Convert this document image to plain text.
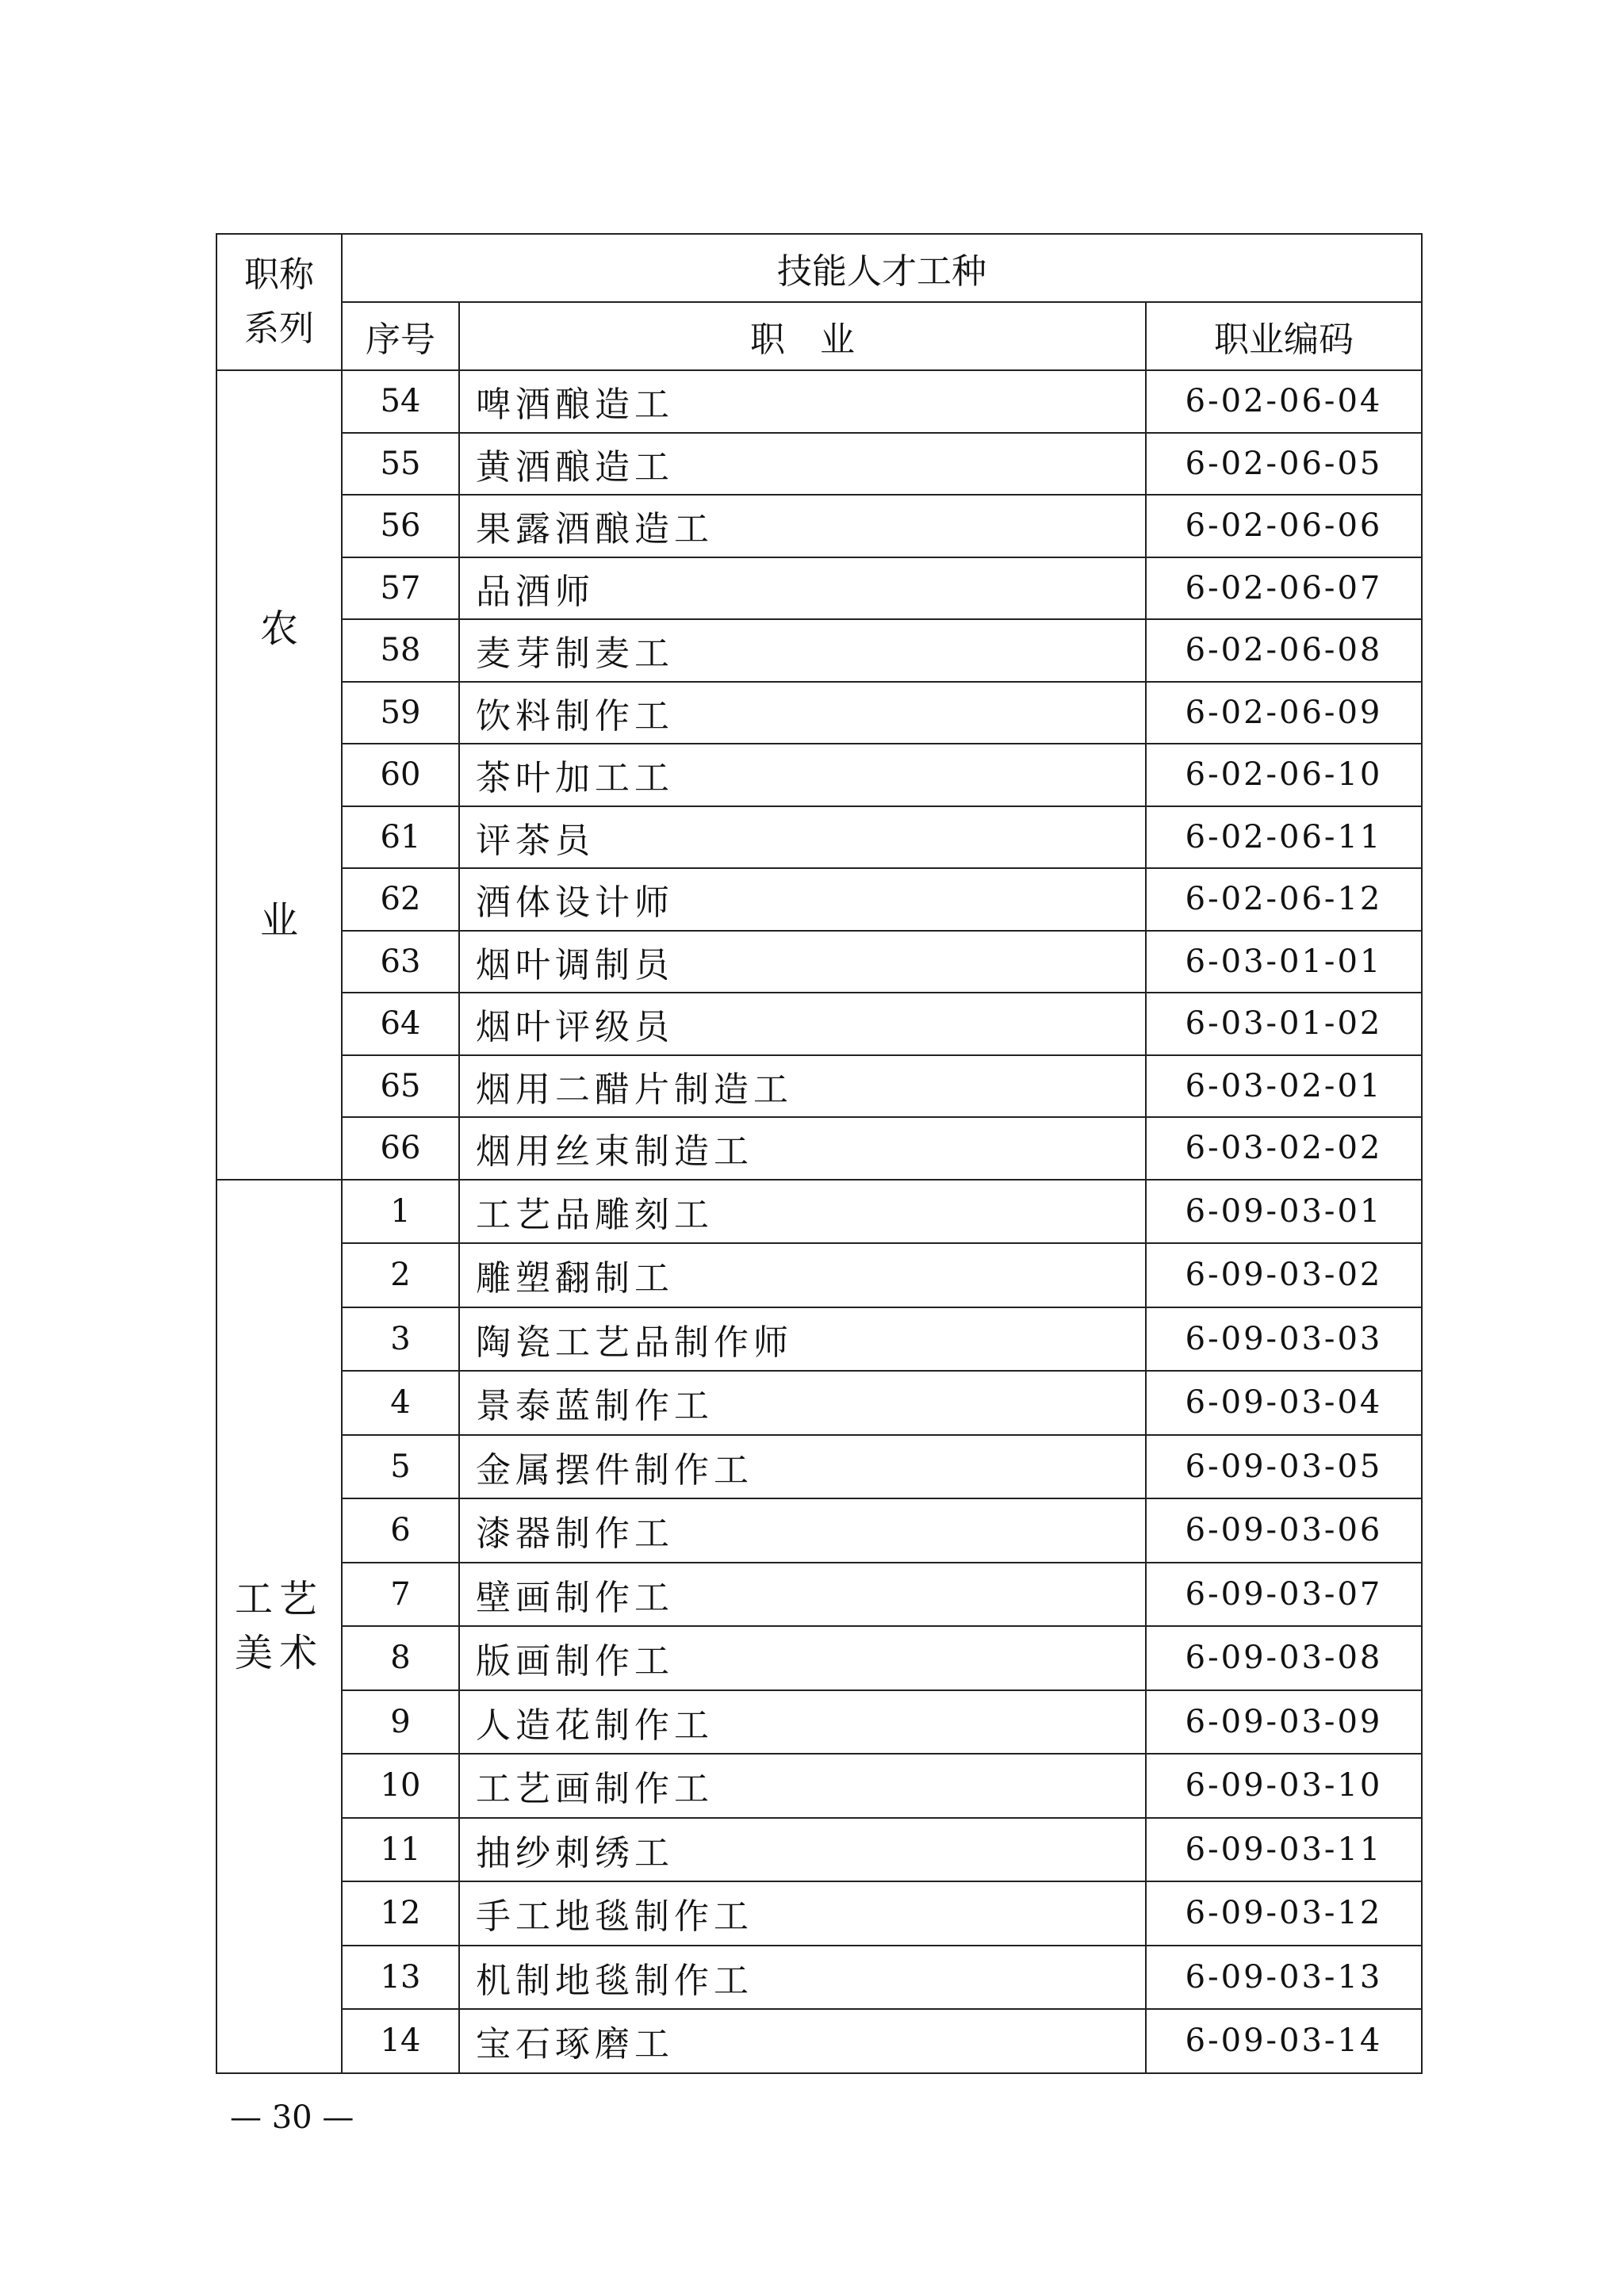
职称
系列	技能人才工种		
	序号	职　业	职业编码

农
业	54	啤酒酿造工	6-02-06-04
	55	黄酒酿造工	6-02-06-05
	56	果露酒酿造工	6-02-06-06
	57	品酒师	6-02-06-07
	58	麦芽制麦工	6-02-06-08
	59	饮料制作工	6-02-06-09
	60	茶叶加工工	6-02-06-10
	61	评茶员	6-02-06-11
	62	酒体设计师	6-02-06-12
	63	烟叶调制员	6-03-01-01
	64	烟叶评级员	6-03-01-02
	65	烟用二醋片制造工	6-03-02-01
	66	烟用丝束制造工	6-03-02-02

工艺
美术	1	工艺品雕刻工	6-09-03-01
	2	雕塑翻制工	6-09-03-02
	3	陶瓷工艺品制作师	6-09-03-03
	4	景泰蓝制作工	6-09-03-04
	5	金属摆件制作工	6-09-03-05
	6	漆器制作工	6-09-03-06
	7	壁画制作工	6-09-03-07
	8	版画制作工	6-09-03-08
	9	人造花制作工	6-09-03-09
	10	工艺画制作工	6-09-03-10
	11	抽纱刺绣工	6-09-03-11
	12	手工地毯制作工	6-09-03-12
	13	机制地毯制作工	6-09-03-13
	14	宝石琢磨工	6-09-03-14
— 30 —
